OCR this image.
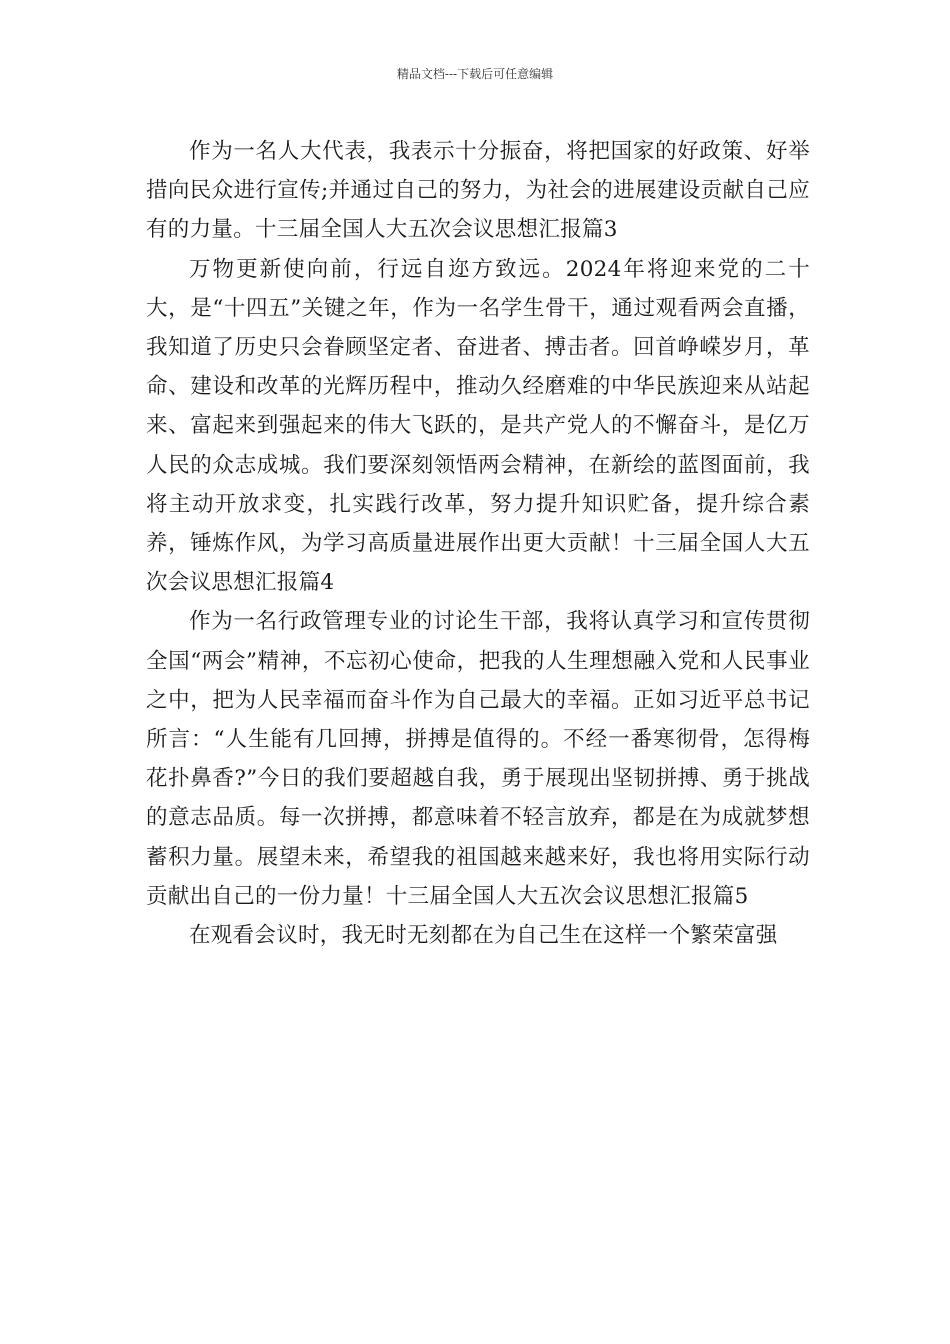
精品文档---下载后可任意编辑

作为一名人大代表，我表示十分振奋，将把国家的好政策、好举措向民众进行宣传;并通过自己的努力，为社会的进展建设贡献自己应有的力量。十三届全国人大五次会议思想汇报篇3

万物更新使向前，行远自迩方致远。2024年将迎来党的二十大，是“十四五”关键之年，作为一名学生骨干，通过观看两会直播，我知道了历史只会眷顾坚定者、奋进者、搏击者。回首峥嵘岁月，革命、建设和改革的光辉历程中，推动久经磨难的中华民族迎来从站起来、富起来到强起来的伟大飞跃的，是共产党人的不懈奋斗，是亿万人民的众志成城。我们要深刻领悟两会精神，在新绘的蓝图面前，我将主动开放求变，扎实践行改革，努力提升知识贮备，提升综合素养，锤炼作风，为学习高质量进展作出更大贡献！十三届全国人大五次会议思想汇报篇4

作为一名行政管理专业的讨论生干部，我将认真学习和宣传贯彻全国“两会”精神，不忘初心使命，把我的人生理想融入党和人民事业之中，把为人民幸福而奋斗作为自己最大的幸福。正如习近平总书记所言：“人生能有几回搏，拼搏是值得的。不经一番寒彻骨，怎得梅花扑鼻香?”今日的我们要超越自我，勇于展现出坚韧拼搏、勇于挑战的意志品质。每一次拼搏，都意味着不轻言放弃，都是在为成就梦想蓄积力量。展望未来，希望我的祖国越来越来好，我也将用实际行动贡献出自己的一份力量！十三届全国人大五次会议思想汇报篇5

在观看会议时，我无时无刻都在为自己生在这样一个繁荣富强
